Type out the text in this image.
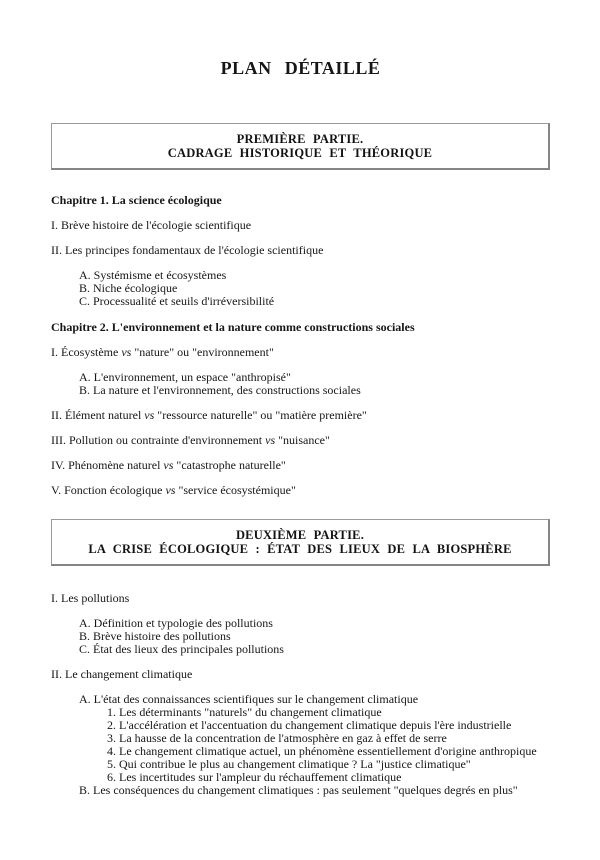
PLAN DÉTAILLÉ
PREMIÈRE PARTIE.
CADRAGE HISTORIQUE ET THÉORIQUE

Chapitre 1. La science écologique

I. Brève histoire de l'écologie scientifique

II. Les principes fondamentaux de l'écologie scientifique

A. Systémisme et écosystèmes

B. Niche écologique

C. Processualité et seuils d'irréversibilité

Chapitre 2. L'environnement et la nature comme constructions sociales

I. Écosystème vs "nature" ou "environnement"

A. L'environnement, un espace "anthropisé"

B. La nature et l'environnement, des constructions sociales

II. Élément naturel vs "ressource naturelle" ou "matière première"

III. Pollution ou contrainte d'environnement vs "nuisance"

IV. Phénomène naturel vs "catastrophe naturelle"

V. Fonction écologique vs "service écosystémique"

DEUXIÈME PARTIE.
LA CRISE ÉCOLOGIQUE : ÉTAT DES LIEUX DE LA BIOSPHÈRE

I. Les pollutions

A. Définition et typologie des pollutions

B. Brève histoire des pollutions

C. État des lieux des principales pollutions

II. Le changement climatique

A. L'état des connaissances scientifiques sur le changement climatique

1. Les déterminants "naturels" du changement climatique

2. L'accélération et l'accentuation du changement climatique depuis l'ère industrielle

3. La hausse de la concentration de l'atmosphère en gaz à effet de serre

4. Le changement climatique actuel, un phénomène essentiellement d'origine anthropique

5. Qui contribue le plus au changement climatique ? La "justice climatique"

6. Les incertitudes sur l'ampleur du réchauffement climatique

B. Les conséquences du changement climatiques : pas seulement "quelques degrés en plus"
